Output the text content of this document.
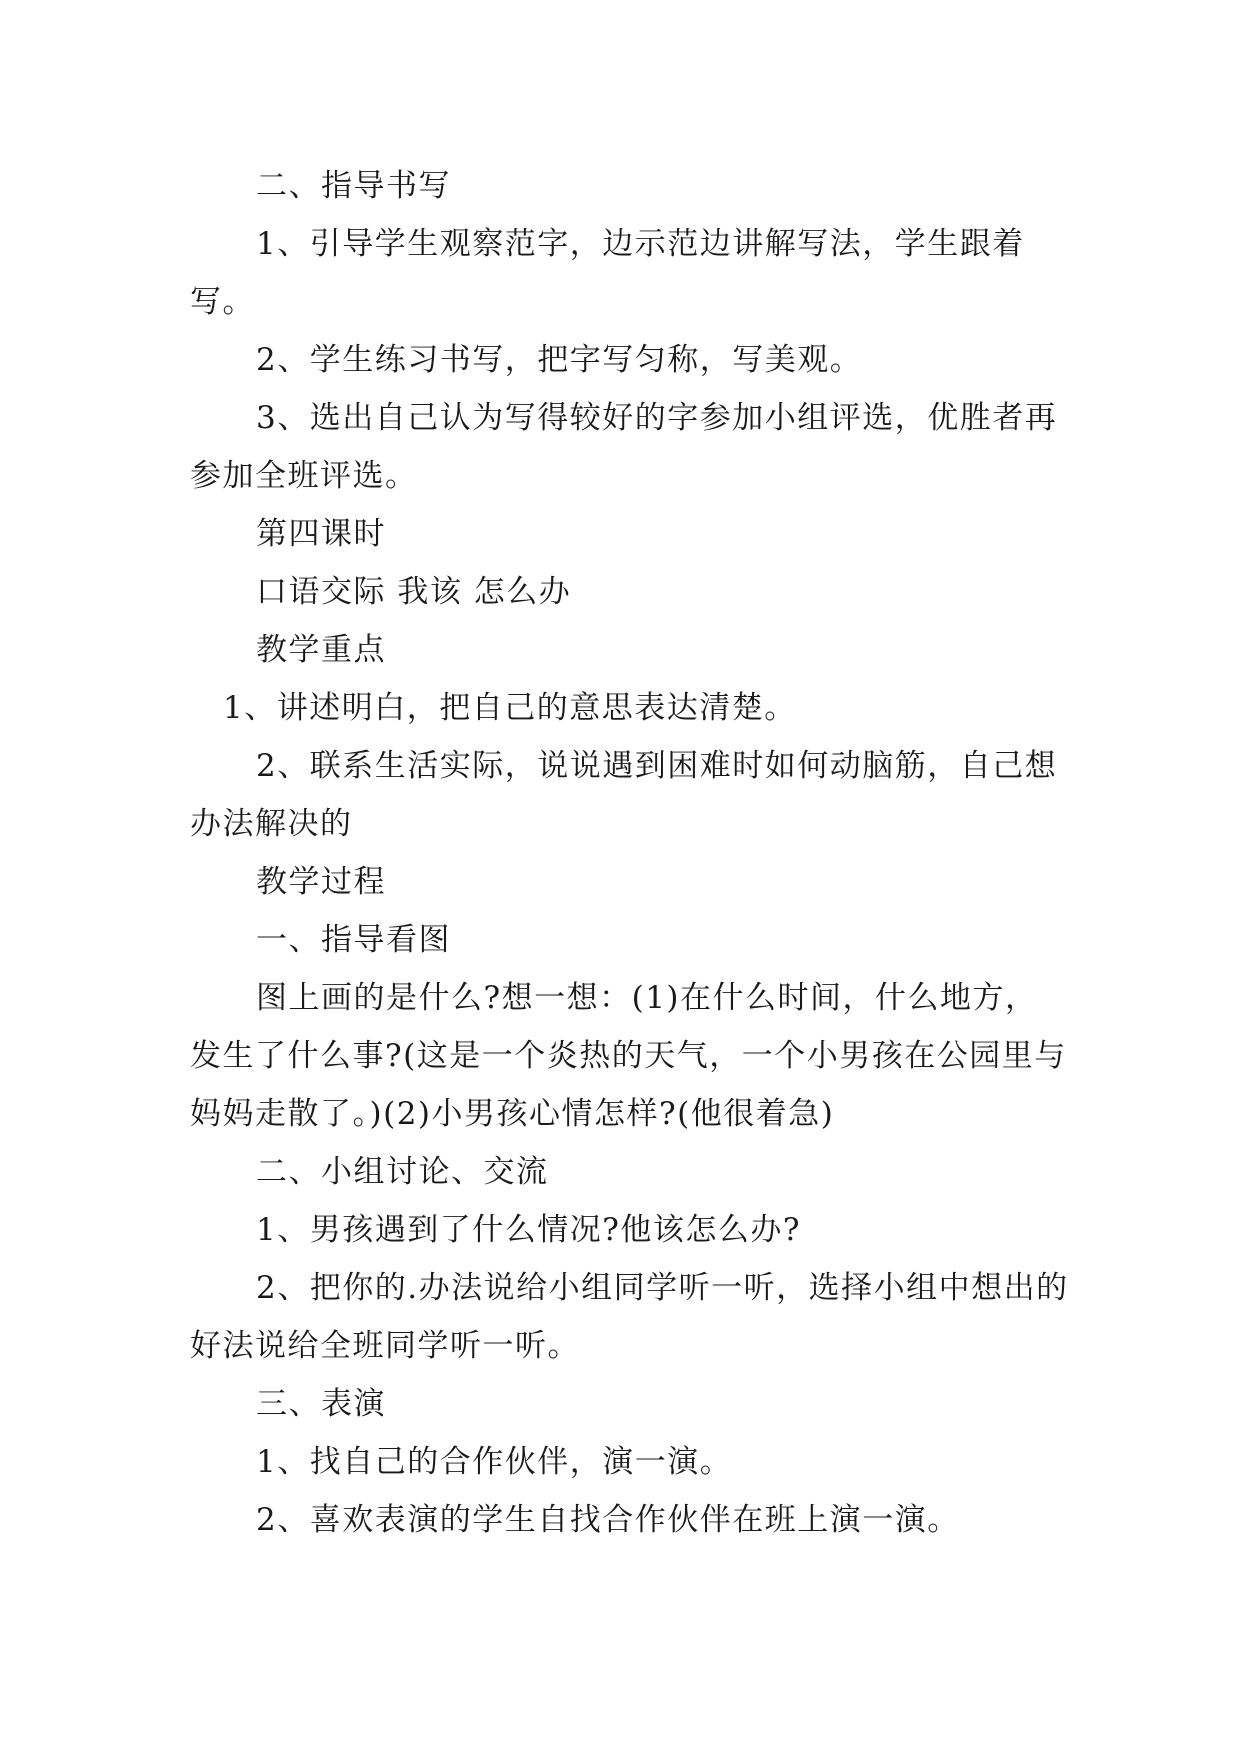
二、指导书写

1、引导学生观察范字，边示范边讲解写法，学生跟着写。

2、学生练习书写，把字写匀称，写美观。

3、选出自己认为写得较好的字参加小组评选，优胜者再参加全班评选。

第四课时

口语交际 我该 怎么办

教学重点

1、讲述明白，把自己的意思表达清楚。

2、联系生活实际，说说遇到困难时如何动脑筋，自己想办法解决的

教学过程

一、指导看图

图上画的是什么?想一想：(1)在什么时间，什么地方，发生了什么事?(这是一个炎热的天气，一个小男孩在公园里与妈妈走散了。)(2)小男孩心情怎样?(他很着急)

二、小组讨论、交流

1、男孩遇到了什么情况?他该怎么办?

2、把你的.办法说给小组同学听一听，选择小组中想出的好法说给全班同学听一听。

三、表演

1、找自己的合作伙伴，演一演。

2、喜欢表演的学生自找合作伙伴在班上演一演。
